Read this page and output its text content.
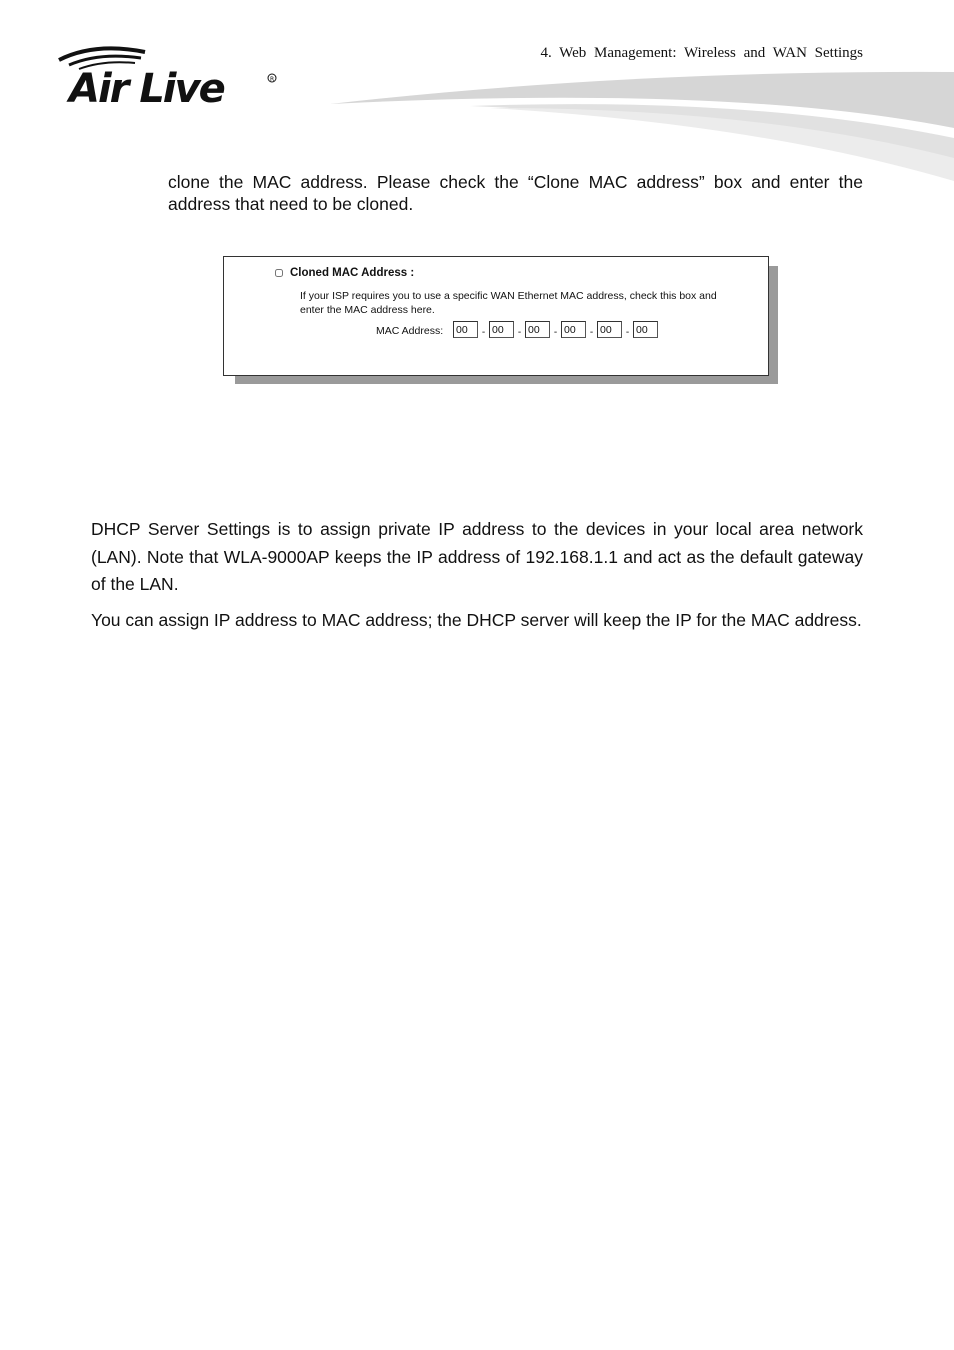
4. Web Management: Wireless and WAN Settings
Air Live	R
clone the MAC address. Please check the “Clone MAC address” box and enter the address that need to be cloned.
Cloned MAC Address :
If your ISP requires you to use a specific WAN Ethernet MAC address, check this box and enter the MAC address here.
MAC Address:
00	-
00	-
00	-
00	-
00	-
00
DHCP Server Settings is to assign private IP address to the devices in your local area network (LAN). Note that WLA-9000AP keeps the IP address of 192.168.1.1 and act as the default gateway of the LAN.
You can assign IP address to MAC address; the DHCP server will keep the IP for the MAC address.
